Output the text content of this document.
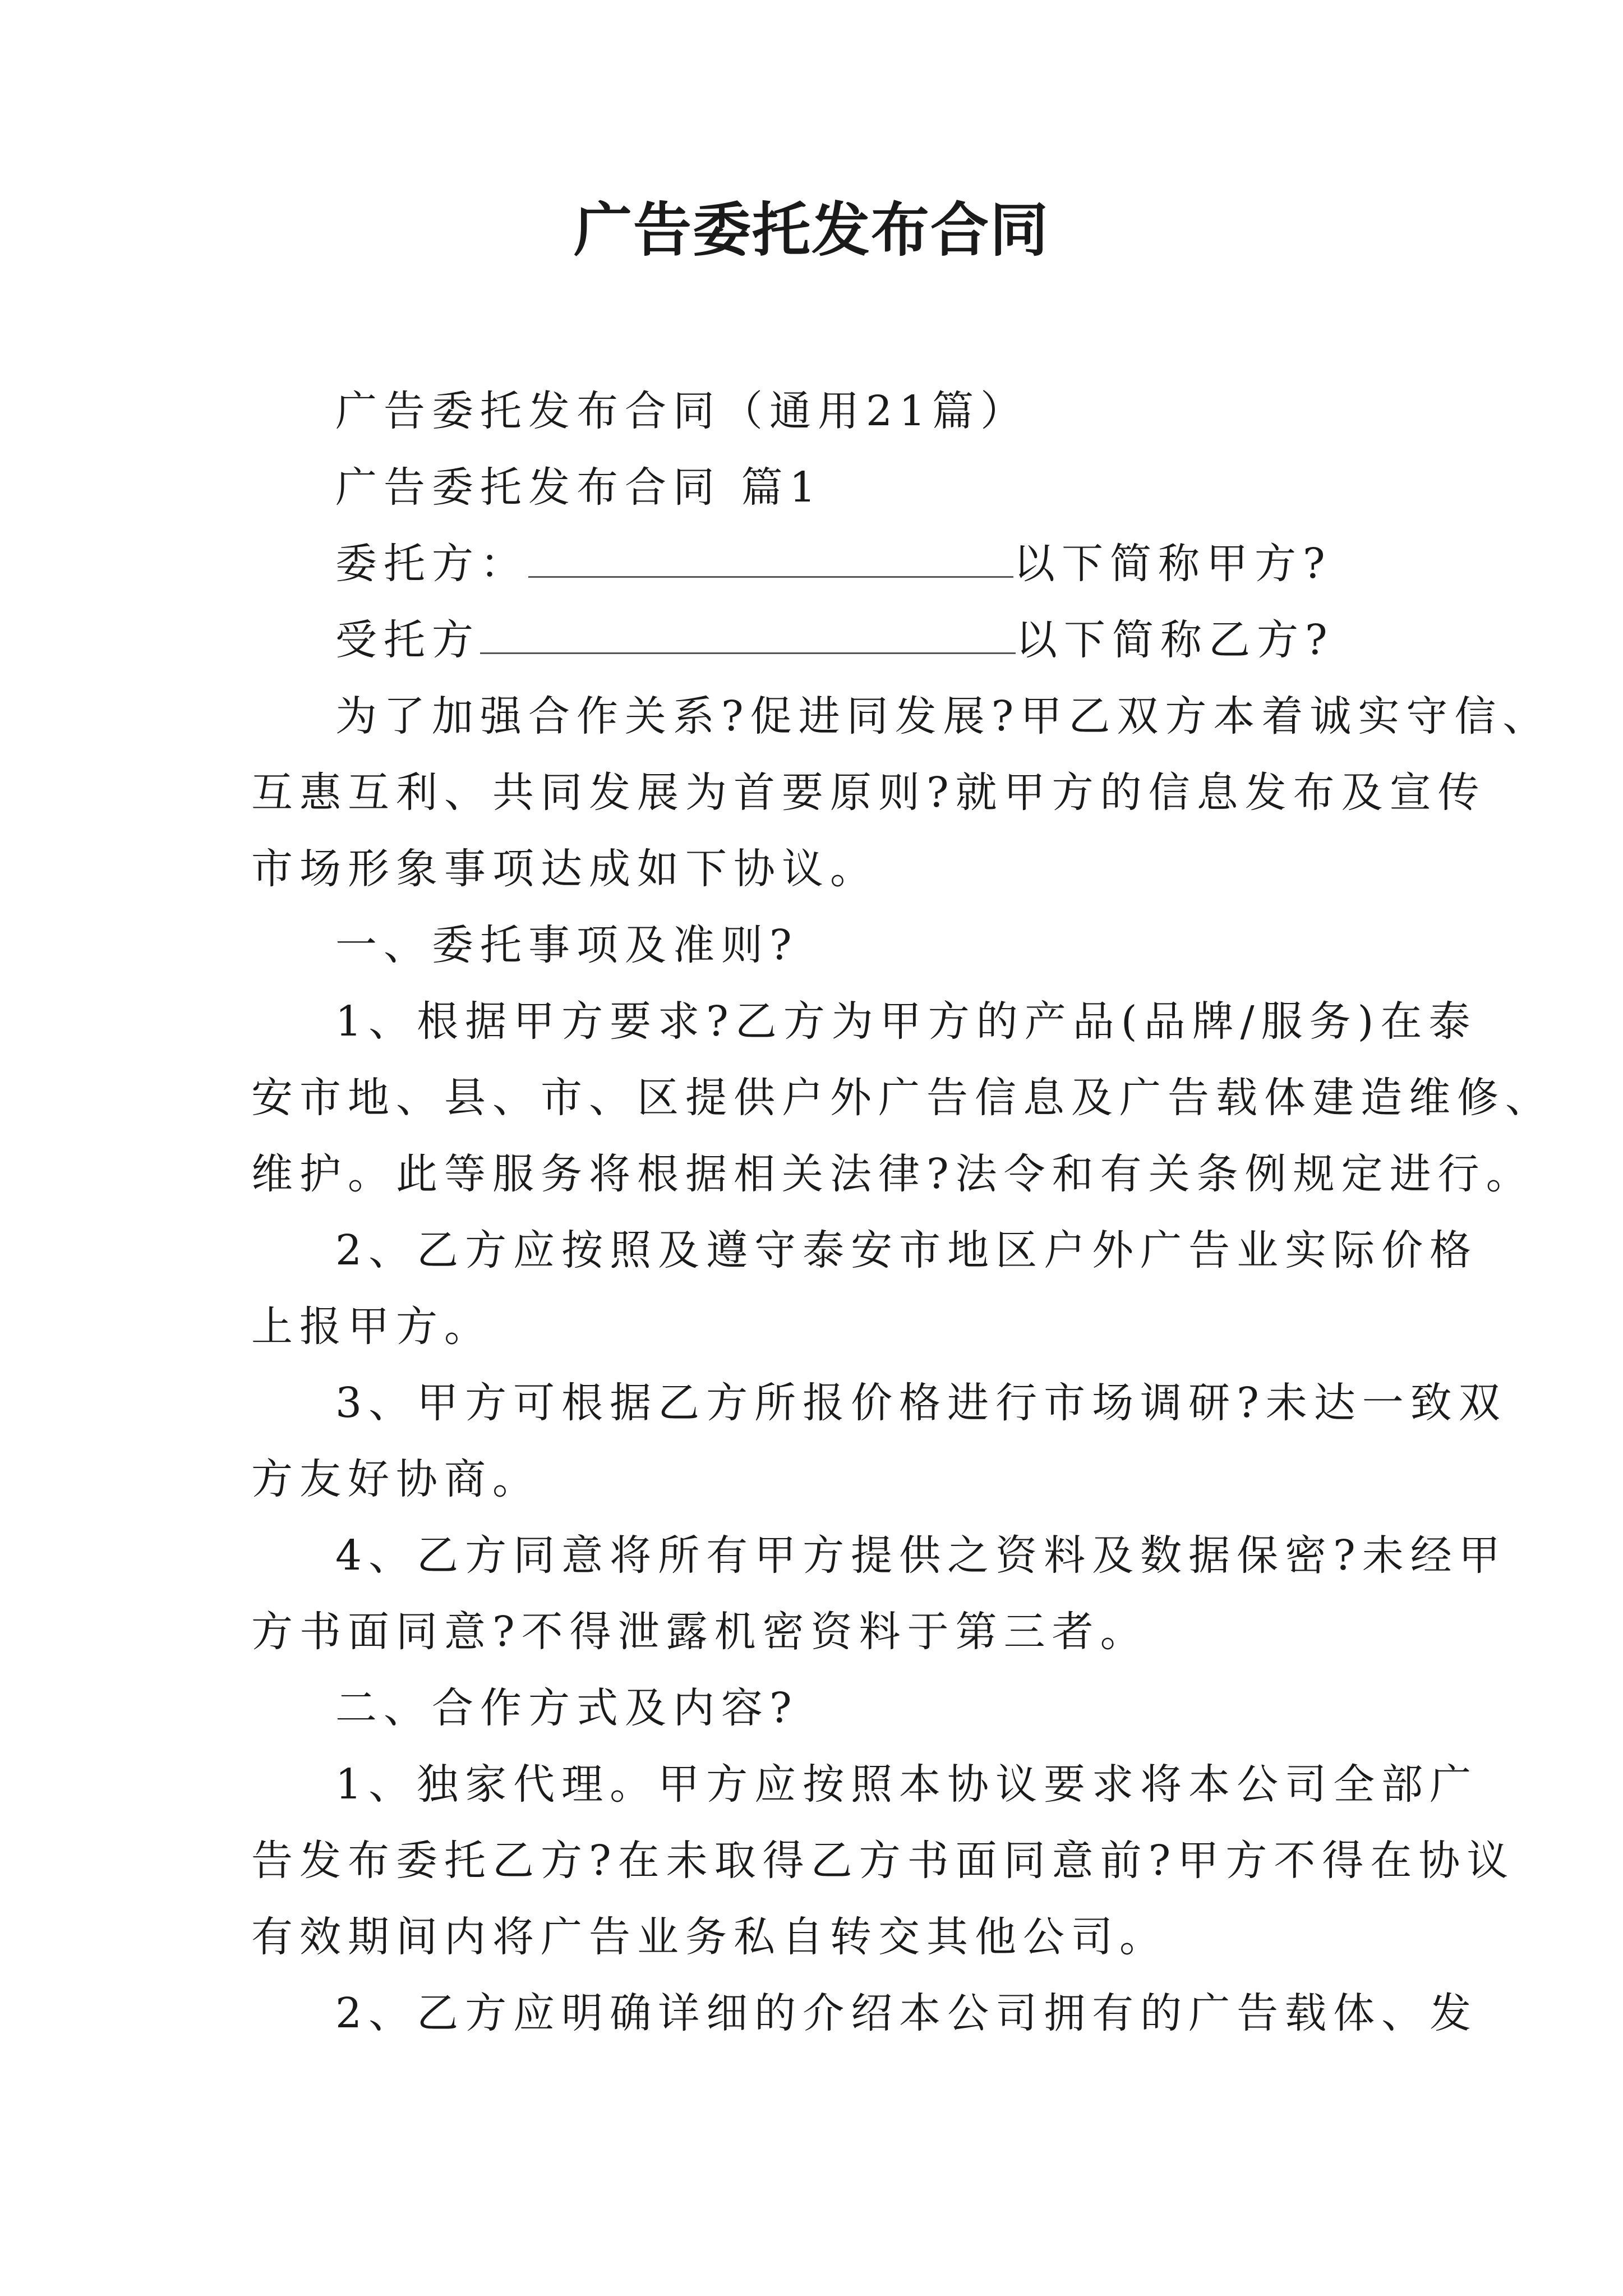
广告委托发布合同
广告委托发布合同（通用21篇）
广告委托发布合同 篇1
委托方：	以下简称甲方?
受托方	以下简称乙方?
为了加强合作关系?促进同发展?甲乙双方本着诚实守信、
互惠互利、共同发展为首要原则?就甲方的信息发布及宣传
市场形象事项达成如下协议。
一、委托事项及准则?
1、根据甲方要求?乙方为甲方的产品(品牌/服务)在泰
安市地、县、市、区提供户外广告信息及广告载体建造维修、
维护。此等服务将根据相关法律?法令和有关条例规定进行。
2、乙方应按照及遵守泰安市地区户外广告业实际价格
上报甲方。
3、甲方可根据乙方所报价格进行市场调研?未达一致双
方友好协商。
4、乙方同意将所有甲方提供之资料及数据保密?未经甲
方书面同意?不得泄露机密资料于第三者。
二、合作方式及内容?
1、独家代理。甲方应按照本协议要求将本公司全部广
告发布委托乙方?在未取得乙方书面同意前?甲方不得在协议
有效期间内将广告业务私自转交其他公司。
2、乙方应明确详细的介绍本公司拥有的广告载体、发
